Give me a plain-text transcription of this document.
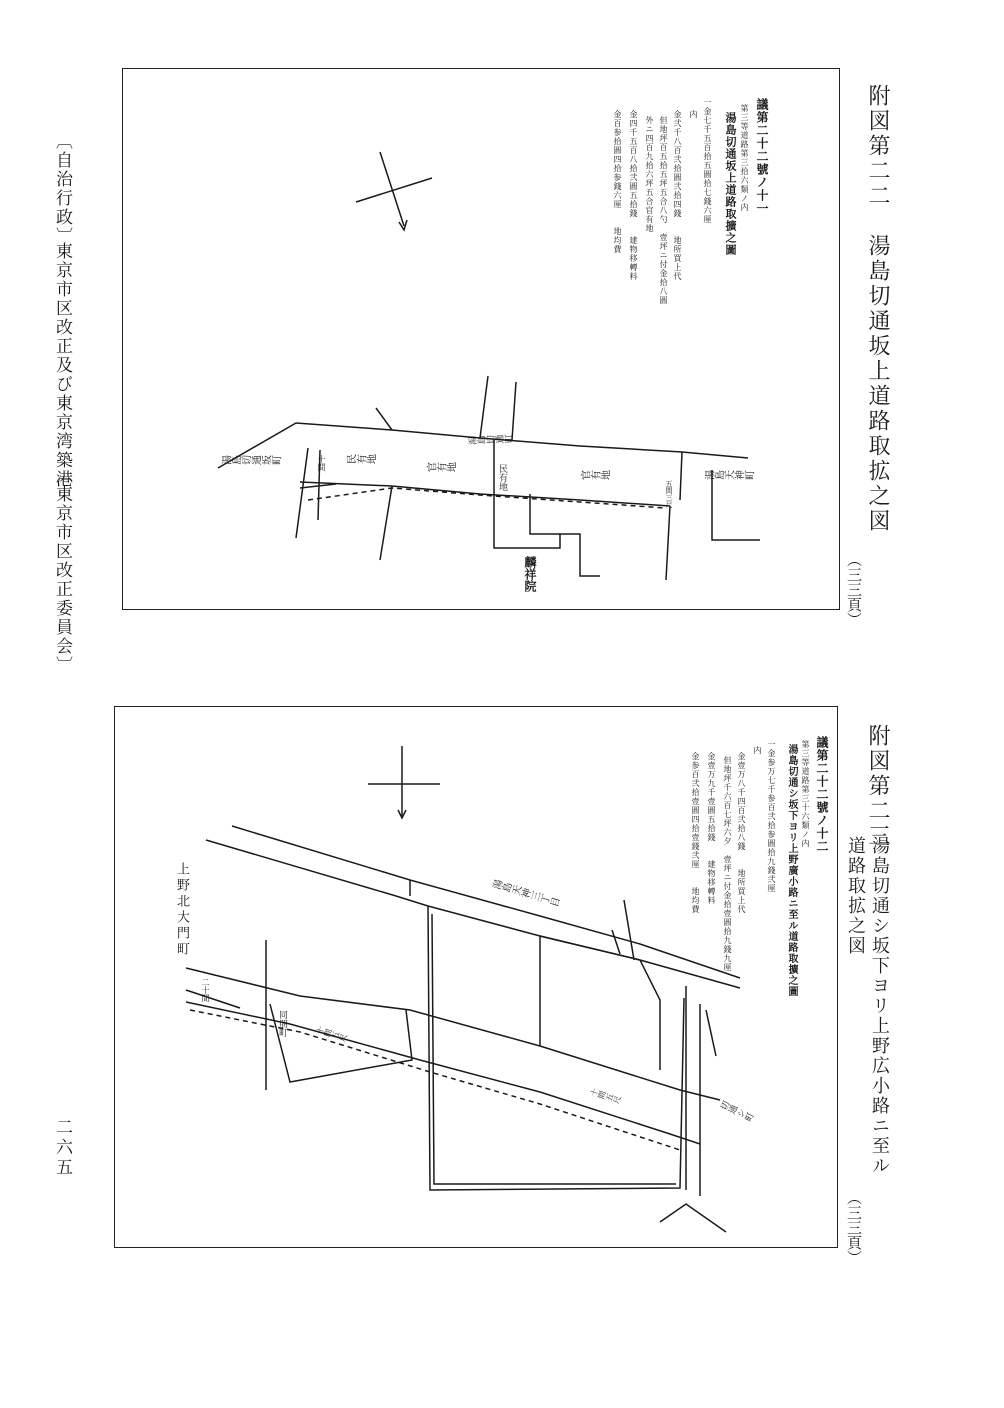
〔自治行政〕
東京市区改正及び東京湾築港
〔東京市区改正委員会〕
二六五
附図第二二　湯島切通坂上道路取拡之図
（三三頁）
議第二十二號ノ十一
第三等道路第三拾六類ノ内
湯島切通坂上道路取擴之圖
一金七千五百拾五圓拾七錢六厘
内
金弐千八百弐拾圓弐拾四錢　　地所買上代
但地坪百五拾五坪五合八勺　壹坪ニ付金拾八圓
外ニ四百九拾六坪五合官有地
金四千五百八拾弐圓五拾錢　　建物移轉料
金百参拾圓四拾参錢六厘　　地均費
湯島切通町
湯島天神町
湯島切通坂町
麟祥院
民有地
民有地
官有地
官有地
十間
五間三尺
附図第二三
湯島切通シ坂下ヨリ上野広小路ニ至ル
道路取拡之図
（三三頁）
議第二十二號ノ十二
第三等道路第三十六類ノ内
湯島切通シ坂下ヨリ上野廣小路ニ至ル道路取擴之圖
一金参万七千参百弐拾参圓拾九錢弐厘
内
金壹万八千四百弐拾八錢　　地所買上代
但地坪千六百七坪六夕　壹坪ニ付金拾壹圓拾九錢九厘
金壹万九千壹圓五拾錢　　建物移轉料
金参百弐拾壹圓四拾壹錢弐厘　　地均費
上野北大門町	湯島天神三丁目
切通シ町
同朋町
二十間
十間五尺
十間五尺
